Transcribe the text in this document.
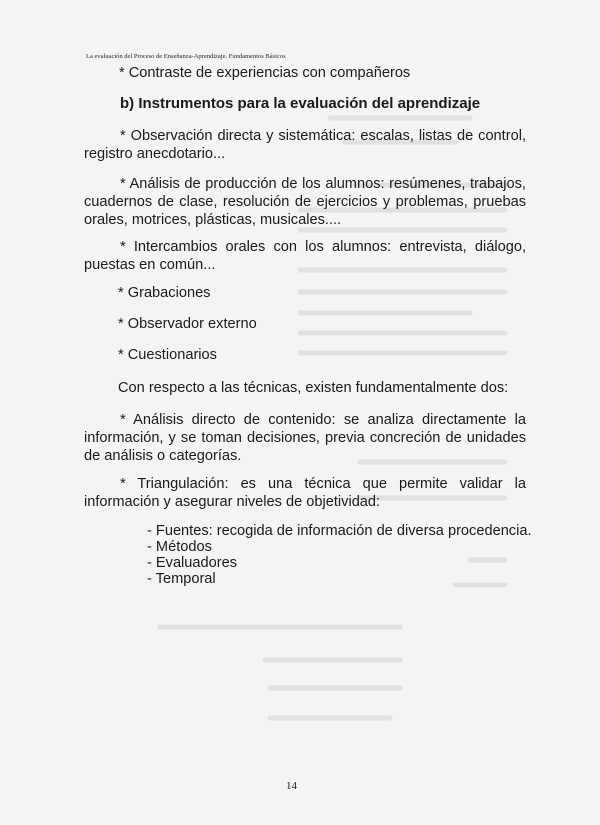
La evaluación del Proceso de Enseñanza-Aprendizaje. Fundamentos Básicos
* Contraste de experiencias con compañeros
b) Instrumentos para la evaluación del aprendizaje
* Observación directa y sistemática: escalas, listas de control, registro anecdotario...
* Análisis de producción de los alumnos: resúmenes, trabajos, cuadernos de clase, resolución de ejercicios y problemas, pruebas orales, motrices, plásticas, musicales....
* Intercambios orales con los alumnos: entrevista, diálogo, puestas en común...
* Grabaciones
* Observador externo
* Cuestionarios
Con respecto a las técnicas, existen fundamentalmente dos:
* Análisis directo de contenido: se analiza directamente la información, y se toman decisiones, previa concreción de unidades de análisis o categorías.
* Triangulación: es una técnica que permite validar la información y asegurar niveles de objetividad:
- Fuentes: recogida de información de diversa procedencia.
- Métodos
- Evaluadores
- Temporal
14
